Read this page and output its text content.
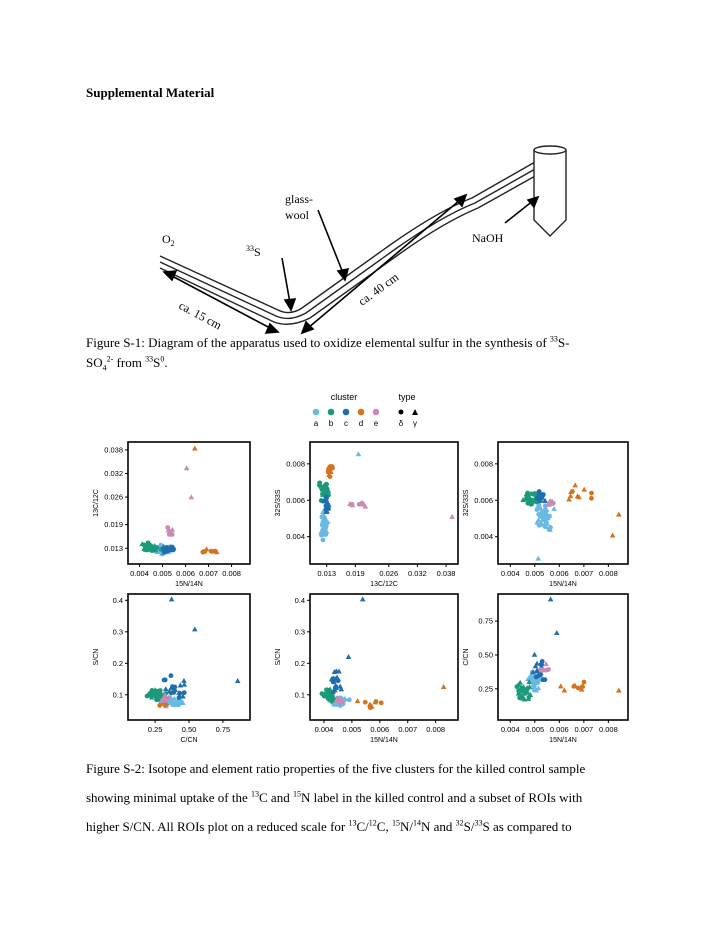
Supplemental Material
glass-
wool
$O_2$
$^{33}$S
NaOH
ca. 15 cm
ca. 40 cm

Figure S-1: Diagram of the apparatus used to oxidize elemental sulfur in the synthesis of $^{33}$S-

$SO_4^{2-}$ from $^{33}S^0$.

cluster
a b c d e
type
δ γ
0.004 0.005 0.006 0.007 0.008
0.013
0.019
0.026
0.032
0.038
15N/14N
13C/12C
0.013 0.019 0.026 0.032 0.038
0.004
0.006
0.008
13C/12C
32S/33S
0.004 0.005 0.006 0.007 0.008
0.004
0.006
0.008
15N/14N
32S/33S
0.25	0.50	0.75
0.1
0.2
0.3
0.4
C/CN
S/CN
0.004 0.005 0.006 0.007 0.008
0.1
0.2
0.3
0.4
15N/14N
S/CN
0.004 0.005 0.006 0.007 0.008
0.25
0.50
0.75
15N/14N
C/CN

Figure S-2: Isotope and element ratio properties of the five clusters for the killed control sample

showing minimal uptake of the $^{13}$C and $^{15}$N label in the killed control and a subset of ROIs with

higher S/CN. All ROIs plot on a reduced scale for $^{13}$C/$^{12}$C, $^{15}$N/$^{14}$N and $^{32}$S/$^{33}$S as compared to
